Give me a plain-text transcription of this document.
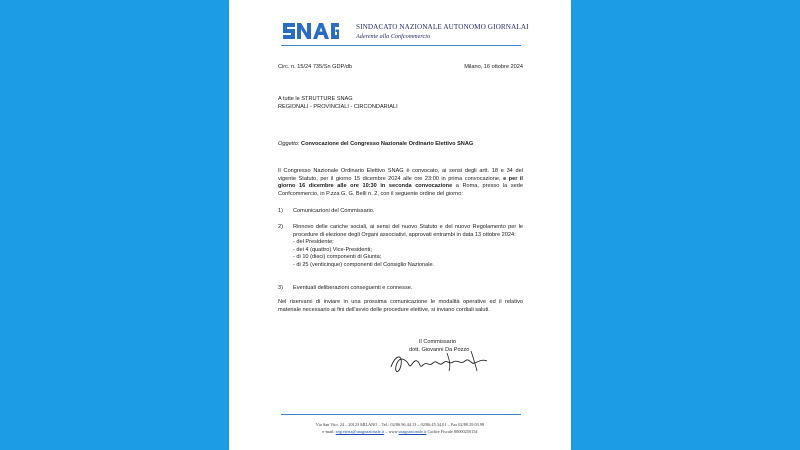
SINDACATO NAZIONALE AUTONOMO GIORNALAI
Aderente alla Confcommercio
Circ. n. 15/24 735/Sn GDP/db	Milano, 16 ottobre 2024
A tutte le STRUTTURE SNAG
REGIONALI - PROVINCIALI - CIRCONDARIALI
Oggetto: Convocazione del Congresso Nazionale Ordinario Elettivo SNAG
Il Congresso Nazionale Ordinario Elettivo SNAG è convocato, ai sensi degli artt. 18 e 34 del vigente Statuto, per il giorno 15 dicembre 2024 alle ore 23:00 in prima convocazione, e per il giorno 16 dicembre alle ore 10:30 in seconda convocazione a Roma, presso la sede Confcommercio, in P.zza G. G. Belli n. 2, con il seguente ordine del giorno:
1) Comunicazioni del Commissario.
2) Rinnovo delle cariche sociali, ai sensi del nuovo Statuto e del nuovo Regolamento per le procedure di elezione degli Organi associativi, approvati entrambi in data 13 ottobre 2024:
- del Presidente;
- dei 4 (quattro) Vice-Presidenti;
- di 10 (dieci) componenti di Giunta;
- di 25 (venticinque) componenti del Consiglio Nazionale.
3) Eventuali deliberazioni conseguenti e connesse.
Nel riservarsi di inviare in una prossima comunicazione le modalità operative ed il relativo materiale necessario ai fini dell'avvio delle procedure elettive, si inviano cordiali saluti.
Il Commissario
dott. Giovanni Da Pozzo
Via San Vito, 24 – 20123 MILANO – Tel.: 02/86.96.44.13 – 02/86.45.34.01 – Fax 02/80.29.03.98
e-mail: segreteria@snagnazionale.it – www.snagnazionale.it Codice Fiscale 80000250154
